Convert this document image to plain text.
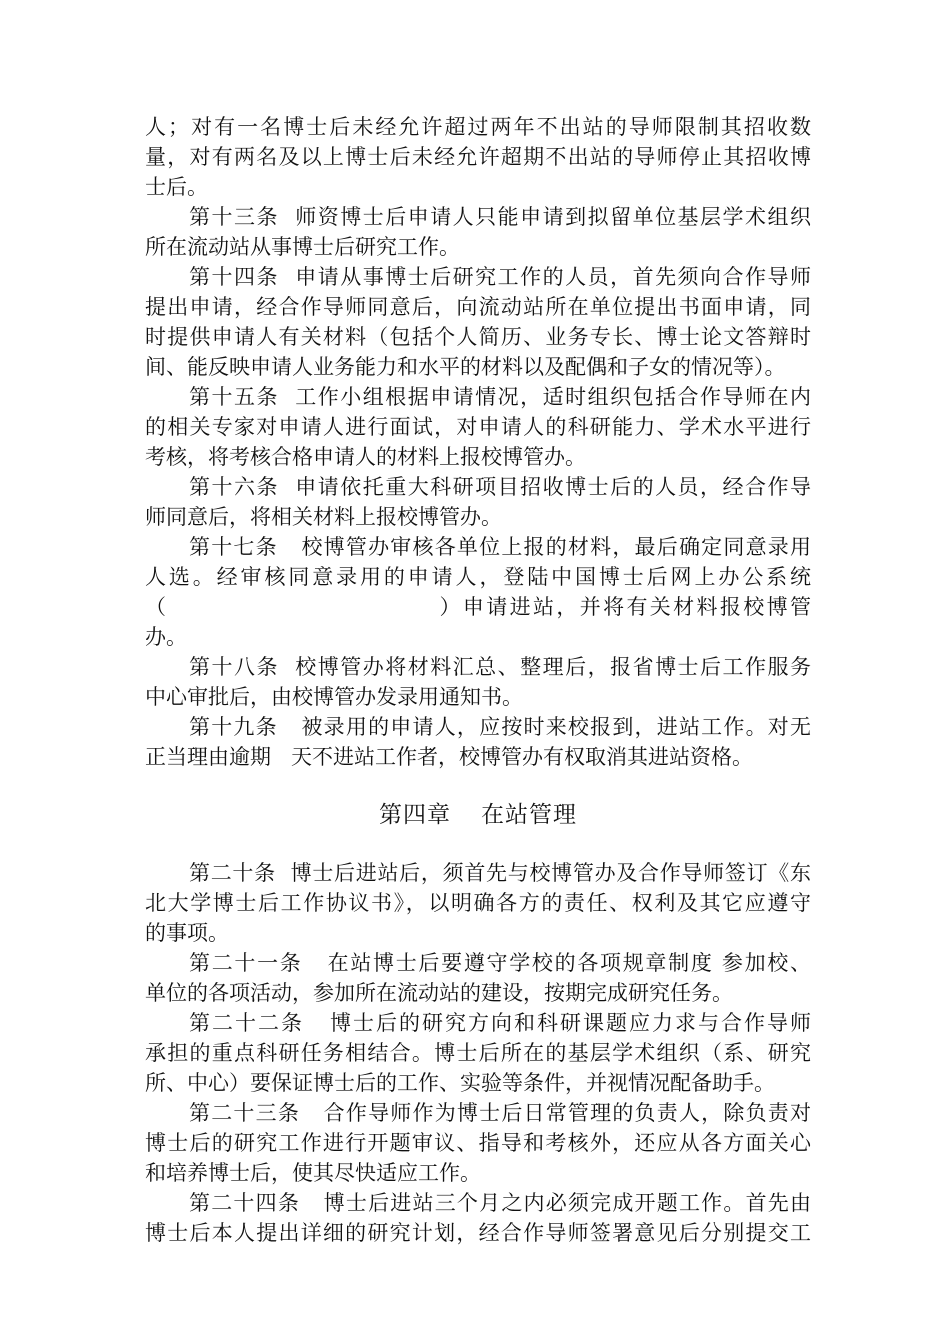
人；对有一名博士后未经允许超过两年不出站的导师限制其招收数
量，对有两名及以上博士后未经允许超期不出站的导师停止其招收博
士后。
第十三条  师资博士后申请人只能申请到拟留单位基层学术组织
所在流动站从事博士后研究工作。
第十四条  申请从事博士后研究工作的人员，首先须向合作导师
提出申请，经合作导师同意后，向流动站所在单位提出书面申请，同
时提供申请人有关材料（包括个人简历、业务专长、博士论文答辩时
间、能反映申请人业务能力和水平的材料以及配偶和子女的情况等）。
第十五条  工作小组根据申请情况，适时组织包括合作导师在内
的相关专家对申请人进行面试，对申请人的科研能力、学术水平进行
考核，将考核合格申请人的材料上报校博管办。
第十六条  申请依托重大科研项目招收博士后的人员，经合作导
师同意后，将相关材料上报校博管办。
第十七条   校博管办审核各单位上报的材料，最后确定同意录用
人选。经审核同意录用的申请人，登陆中国博士后网上办公系统
（                              ）申请进站，并将有关材料报校博管
办。
第十八条  校博管办将材料汇总、整理后，报省博士后工作服务
中心审批后，由校博管办发录用通知书。
第十九条   被录用的申请人，应按时来校报到，进站工作。对无
正当理由逾期   天不进站工作者，校博管办有权取消其进站资格。
第四章 在站管理
第二十条  博士后进站后，须首先与校博管办及合作导师签订《东
北大学博士后工作协议书》，以明确各方的责任、权利及其它应遵守
的事项。
第二十一条   在站博士后要遵守学校的各项规章制度 参加校、
单位的各项活动，参加所在流动站的建设，按期完成研究任务。
第二十二条   博士后的研究方向和科研课题应力求与合作导师
承担的重点科研任务相结合。博士后所在的基层学术组织（系、研究
所、中心）要保证博士后的工作、实验等条件，并视情况配备助手。
第二十三条   合作导师作为博士后日常管理的负责人，除负责对
博士后的研究工作进行开题审议、指导和考核外，还应从各方面关心
和培养博士后，使其尽快适应工作。
第二十四条   博士后进站三个月之内必须完成开题工作。首先由
博士后本人提出详细的研究计划，经合作导师签署意见后分别提交工
